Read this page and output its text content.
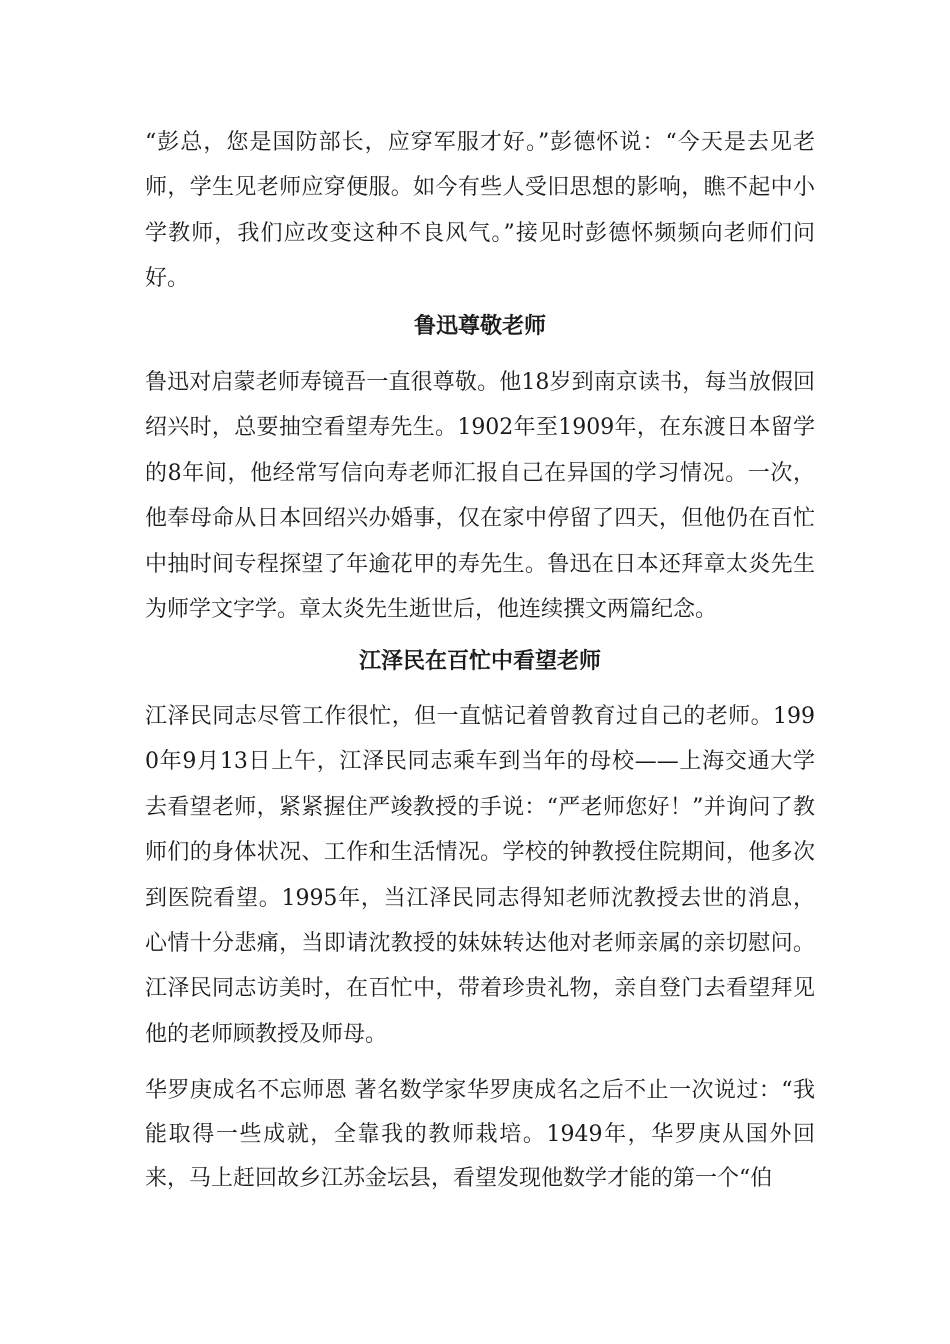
“彭总，您是国防部长，应穿军服才好。”彭德怀说：“今天是去见老师，学生见老师应穿便服。如今有些人受旧思想的影响，瞧不起中小学教师，我们应改变这种不良风气。”接见时彭德怀频频向老师们问好。

鲁迅尊敬老师

鲁迅对启蒙老师寿镜吾一直很尊敬。他18岁到南京读书，每当放假回绍兴时，总要抽空看望寿先生。1902年至1909年，在东渡日本留学的8年间，他经常写信向寿老师汇报自己在异国的学习情况。一次，他奉母命从日本回绍兴办婚事，仅在家中停留了四天，但他仍在百忙中抽时间专程探望了年逾花甲的寿先生。鲁迅在日本还拜章太炎先生为师学文字学。章太炎先生逝世后，他连续撰文两篇纪念。

江泽民在百忙中看望老师

江泽民同志尽管工作很忙，但一直惦记着曾教育过自己的老师。1990年9月13日上午，江泽民同志乘车到当年的母校——上海交通大学去看望老师，紧紧握住严竣教授的手说：“严老师您好！”并询问了教师们的身体状况、工作和生活情况。学校的钟教授住院期间，他多次到医院看望。1995年，当江泽民同志得知老师沈教授去世的消息，心情十分悲痛，当即请沈教授的妹妹转达他对老师亲属的亲切慰问。江泽民同志访美时，在百忙中，带着珍贵礼物，亲自登门去看望拜见他的老师顾教授及师母。

华罗庚成名不忘师恩 著名数学家华罗庚成名之后不止一次说过：“我能取得一些成就，全靠我的教师栽培。1949年，华罗庚从国外回来，马上赶回故乡江苏金坛县，看望发现他数学才能的第一个“伯
